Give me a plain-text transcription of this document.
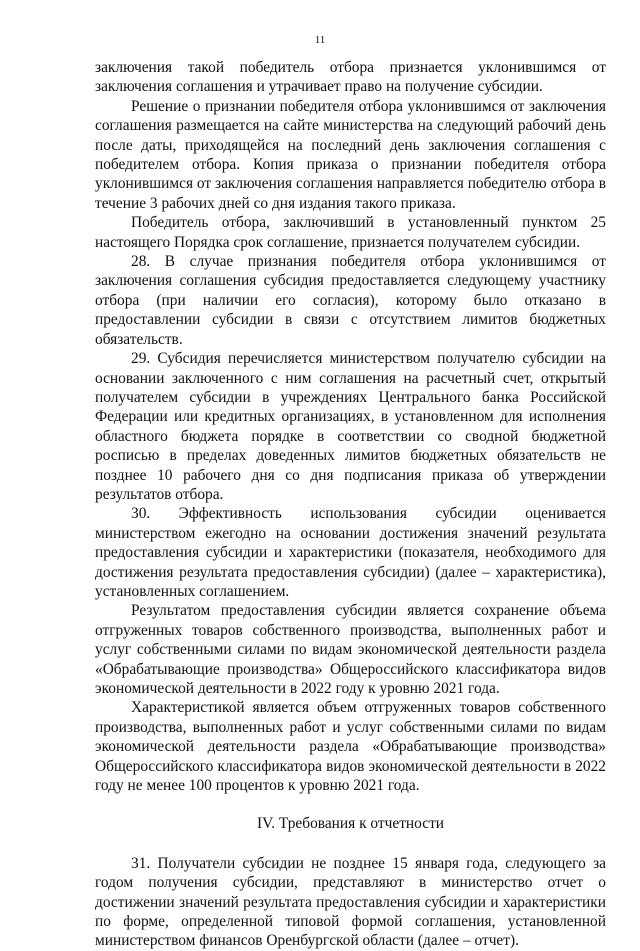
11

заключения такой победитель отбора признается уклонившимся от заключения соглашения и утрачивает право на получение субсидии.

Решение о признании победителя отбора уклонившимся от заключения соглашения размещается на сайте министерства на следующий рабочий день после даты, приходящейся на последний день заключения соглашения с победителем отбора. Копия приказа о признании победителя отбора уклонившимся от заключения соглашения направляется победителю отбора в течение 3 рабочих дней со дня издания такого приказа.

Победитель отбора, заключивший в установленный пунктом 25 настоящего Порядка срок соглашение, признается получателем субсидии.

28. В случае признания победителя отбора уклонившимся от заключения соглашения субсидия предоставляется следующему участнику отбора (при наличии его согласия), которому было отказано в предоставлении субсидии в связи с отсутствием лимитов бюджетных обязательств.

29. Субсидия перечисляется министерством получателю субсидии на основании заключенного с ним соглашения на расчетный счет, открытый получателем субсидии в учреждениях Центрального банка Российской Федерации или кредитных организациях, в установленном для исполнения областного бюджета порядке в соответствии со сводной бюджетной росписью в пределах доведенных лимитов бюджетных обязательств не позднее 10 рабочего дня со дня подписания приказа об утверждении результатов отбора.

30. Эффективность использования субсидии оценивается министерством ежегодно на основании достижения значений результата предоставления субсидии и характеристики (показателя, необходимого для достижения результата предоставления субсидии) (далее – характеристика), установленных соглашением.

Результатом предоставления субсидии является сохранение объема отгруженных товаров собственного производства, выполненных работ и услуг собственными силами по видам экономической деятельности раздела «Обрабатывающие производства» Общероссийского классификатора видов экономической деятельности в 2022 году к уровню 2021 года.

Характеристикой является объем отгруженных товаров собственного производства, выполненных работ и услуг собственными силами по видам экономической деятельности раздела «Обрабатывающие производства» Общероссийского классификатора видов экономической деятельности в 2022 году не менее 100 процентов к уровню 2021 года.

IV. Требования к отчетности

31. Получатели субсидии не позднее 15 января года, следующего за годом получения субсидии, представляют в министерство отчет о достижении значений результата предоставления субсидии и характеристики по форме, определенной типовой формой соглашения, установленной министерством финансов Оренбургской области (далее – отчет).
